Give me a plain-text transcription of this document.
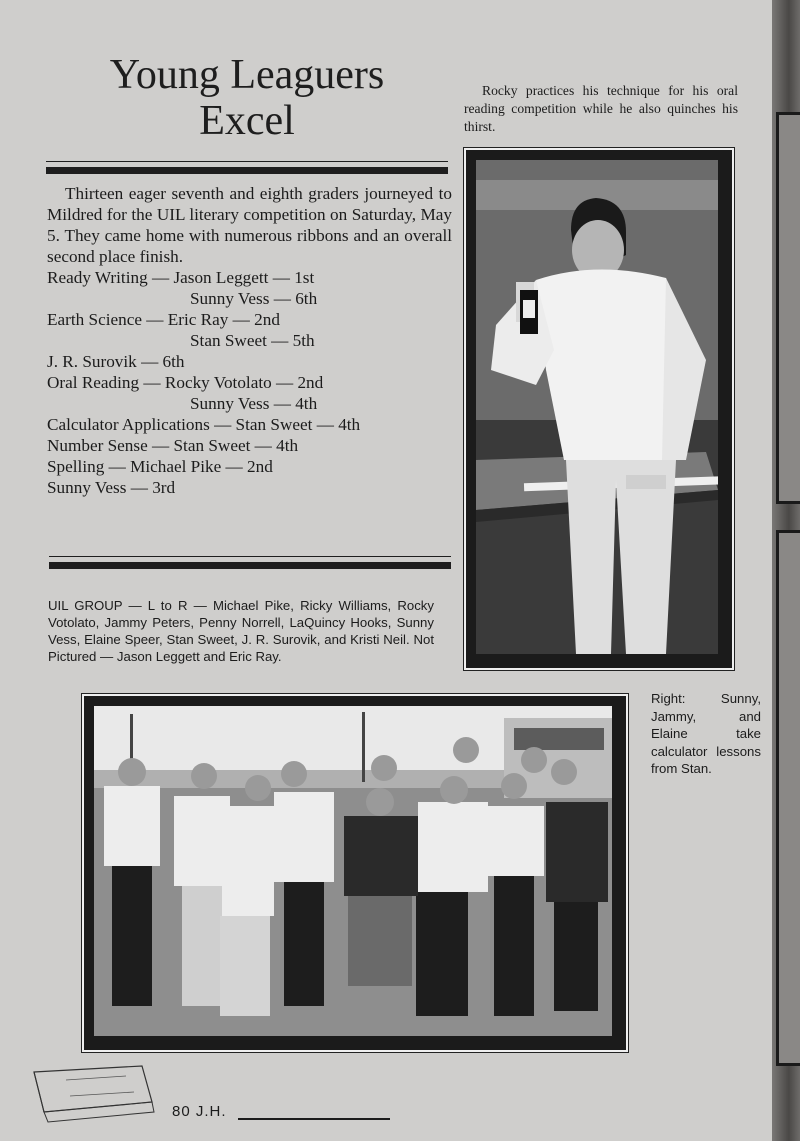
Young Leaguers
Excel

Thirteen eager seventh and eighth graders journeyed to Mildred for the UIL literary competition on Saturday, May 5. They came home with numerous ribbons and an overall second place finish.

Ready Writing — Jason Leggett — 1st
Sunny Vess — 6th
Earth Science — Eric Ray — 2nd
Stan Sweet — 5th
J. R. Surovik — 6th
Oral Reading — Rocky Votolato — 2nd
Sunny Vess — 4th
Calculator Applications — Stan Sweet — 4th
Number Sense — Stan Sweet — 4th
Spelling — Michael Pike — 2nd
Sunny Vess — 3rd
Rocky practices his technique for his oral reading competition while he also quinches his thirst.
UIL GROUP — L to R — Michael Pike, Ricky Williams, Rocky Votolato, Jammy Peters, Penny Norrell, LaQuincy Hooks, Sunny Vess, Elaine Speer, Stan Sweet, J. R. Surovik, and Kristi Neil. Not Pictured — Jason Leggett and Eric Ray.
Right: Sunny, Jammy, and Elaine take calculator lessons from Stan.
80 J.H.
